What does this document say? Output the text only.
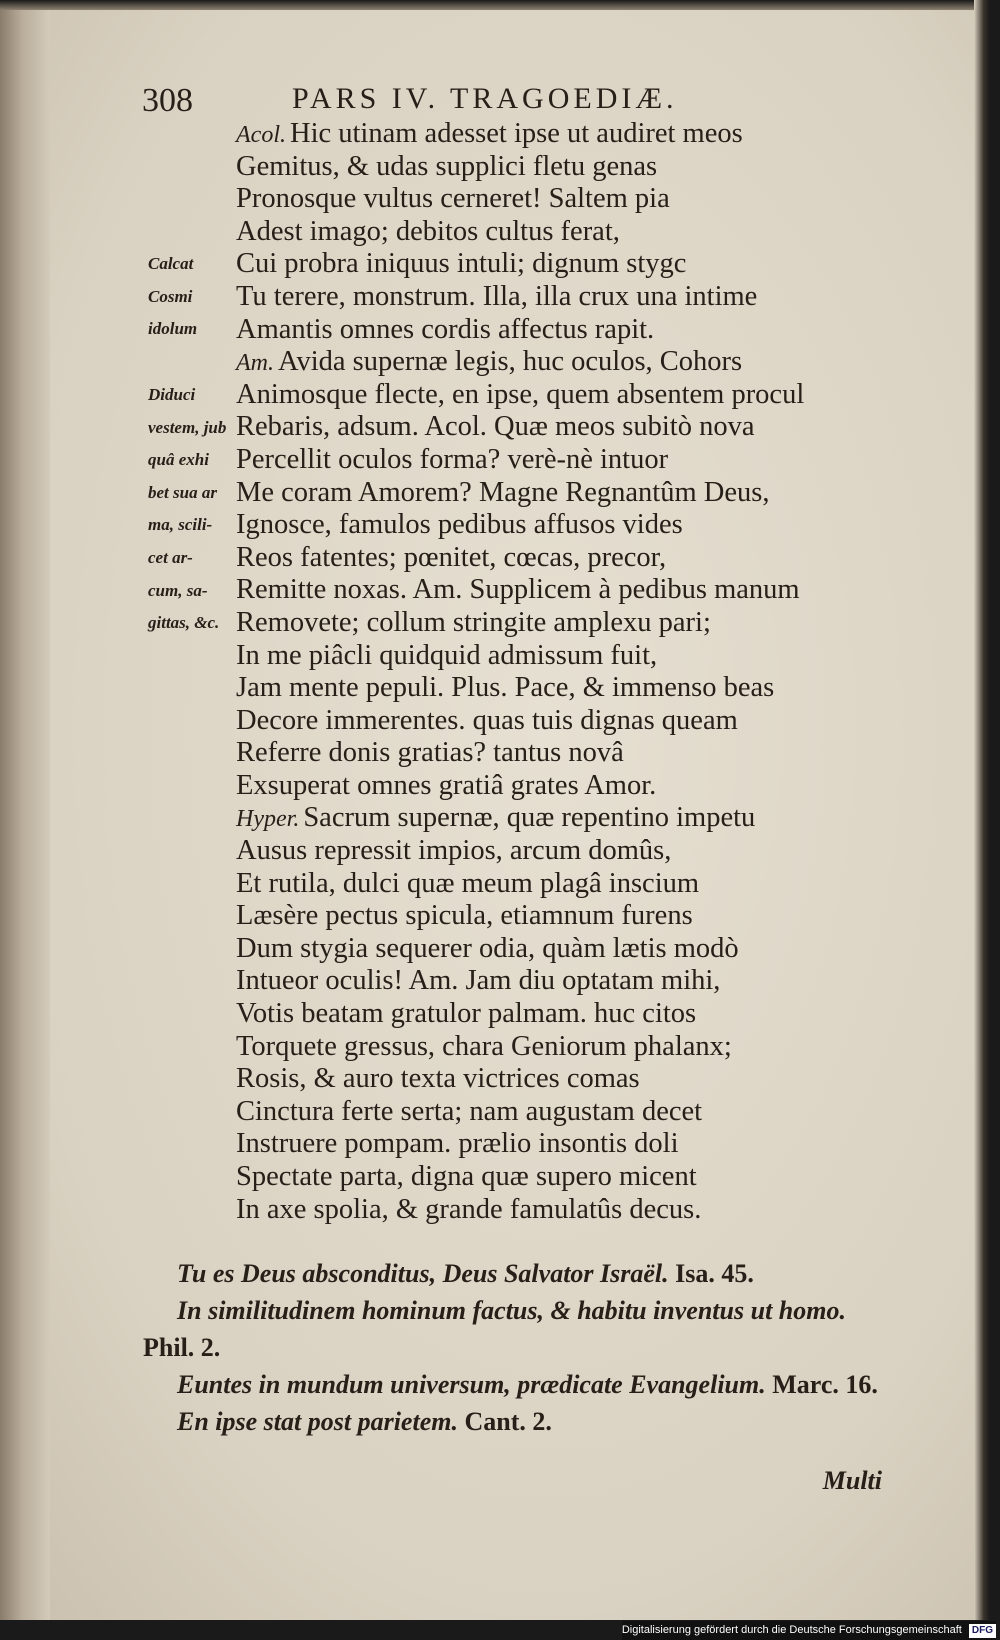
308	PARS IV. TRAGOEDIÆ.
Acol. Hic utinam adesset ipse ut audiret meos
Gemitus, & udas supplici fletu genas
Pronosque vultus cerneret! Saltem pia
Adest imago; debitos cultus ferat,
Cui probra iniquus intuli; dignum stygc
Tu terere, monstrum. Illa, illa crux una intime
Amantis omnes cordis affectus rapit.
Am. Avida supernæ legis, huc oculos, Cohors
Animosque flecte, en ipse, quem absentem procul
Rebaris, adsum. Acol. Quæ meos subitò nova
Percellit oculos forma? verè-nè intuor
Me coram Amorem? Magne Regnantûm Deus,
Ignosce, famulos pedibus affusos vides
Reos fatentes; pœnitet, cœcas, precor,
Remitte noxas. Am. Supplicem à pedibus manum
Removete; collum stringite amplexu pari;
In me piâcli quidquid admissum fuit,
Jam mente pepuli. Plus. Pace, & immenso beas
Decore immerentes. quas tuis dignas queam
Referre donis gratias? tantus novâ
Exsuperat omnes gratiâ grates Amor.
Hyper. Sacrum supernæ, quæ repentino impetu
Ausus repressit impios, arcum domûs,
Et rutila, dulci quæ meum plagâ inscium
Læsère pectus spicula, etiamnum furens
Dum stygia sequerer odia, quàm lætis modò
Intueor oculis! Am. Jam diu optatam mihi,
Votis beatam gratulor palmam. huc citos
Torquete gressus, chara Geniorum phalanx;
Rosis, & auro texta victrices comas
Cinctura ferte serta; nam augustam decet
Instruere pompam. prælio insontis doli
Spectate parta, digna quæ supero micent
In axe spolia, & grande famulatûs decus.
Calcat
Cosmi
idolum
Diduci
vestem, jub
quâ exhi
bet sua ar
ma, scili-
cet ar-
cum, sa-
gittas, &c.
Tu es Deus absconditus, Deus Salvator Israël. Isa. 45.
In similitudinem hominum factus, & habitu inventus ut homo. Phil. 2.
Euntes in mundum universum, prædicate Evangelium. Marc. 16.
En ipse stat post parietem. Cant. 2.
Multi
Digitalisierung gefördert durch die Deutsche Forschungsgemeinschaft DFG
